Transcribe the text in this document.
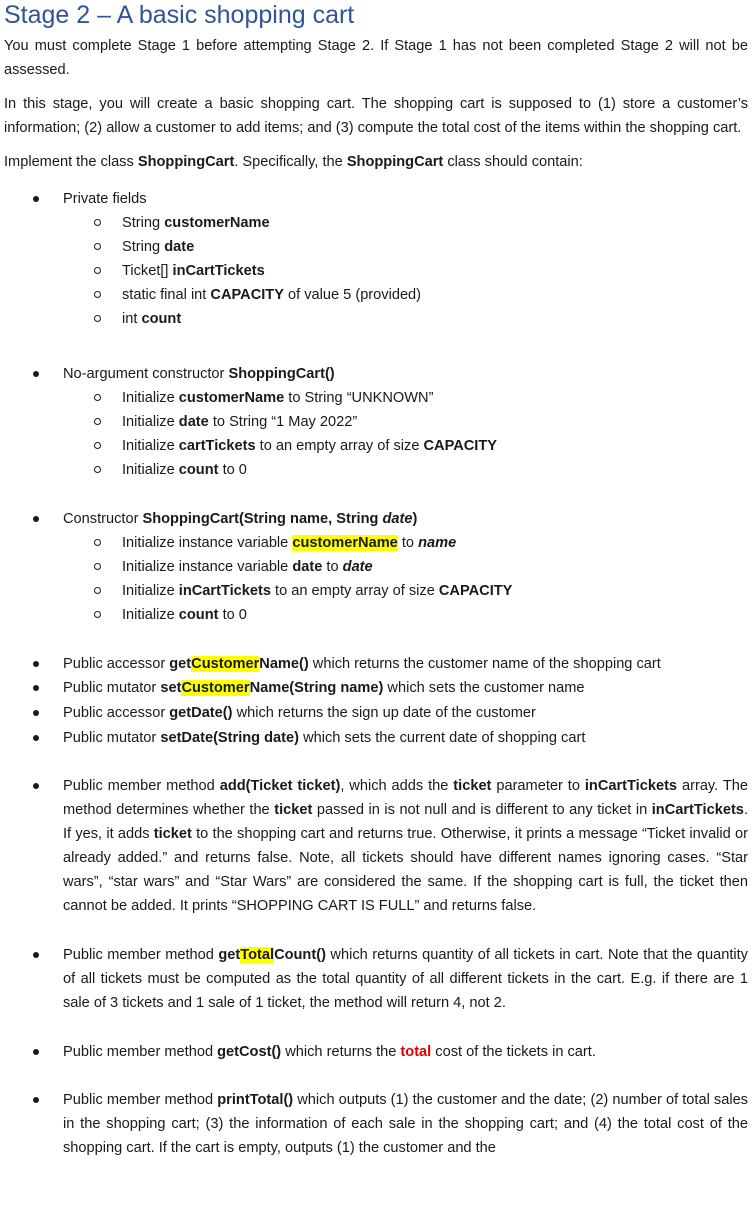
Stage 2 – A basic shopping cart

You must complete Stage 1 before attempting Stage 2. If Stage 1 has not been completed Stage 2 will not be assessed.

In this stage, you will create a basic shopping cart. The shopping cart is supposed to (1) store a customer’s information; (2) allow a customer to add items; and (3) compute the total cost of the items within the shopping cart.

Implement the class ShoppingCart. Specifically, the ShoppingCart class should contain:

Private fields
String customerName
String date
Ticket[] inCartTickets
static final int CAPACITY of value 5 (provided)
int count
No-argument constructor ShoppingCart()
Initialize customerName to String “UNKNOWN”
Initialize date to String “1 May 2022”
Initialize cartTickets to an empty array of size CAPACITY
Initialize count to 0
Constructor ShoppingCart(String name, String date)
Initialize instance variable customerName to name
Initialize instance variable date to date
Initialize inCartTickets to an empty array of size CAPACITY
Initialize count to 0
Public accessor getCustomerName() which returns the customer name of the shopping cart
Public mutator setCustomerName(String name) which sets the customer name
Public accessor getDate() which returns the sign up date of the customer
Public mutator setDate(String date) which sets the current date of shopping cart
Public member method add(Ticket ticket), which adds the ticket parameter to inCartTickets array. The method determines whether the ticket passed in is not null and is different to any ticket in inCartTickets. If yes, it adds ticket to the shopping cart and returns true. Otherwise, it prints a message “Ticket invalid or already added.” and returns false. Note, all tickets should have different names ignoring cases. “Star wars”, “star wars” and “Star Wars” are considered the same. If the shopping cart is full, the ticket then cannot be added. It prints “SHOPPING CART IS FULL” and returns false.
Public member method getTotalCount() which returns quantity of all tickets in cart. Note that the quantity of all tickets must be computed as the total quantity of all different tickets in the cart. E.g. if there are 1 sale of 3 tickets and 1 sale of 1 ticket, the method will return 4, not 2.
Public member method getCost() which returns the total cost of the tickets in cart.
Public member method printTotal() which outputs (1) the customer and the date; (2) number of total sales in the shopping cart; (3) the information of each sale in the shopping cart; and (4) the total cost of the shopping cart. If the cart is empty, outputs (1) the customer and the
